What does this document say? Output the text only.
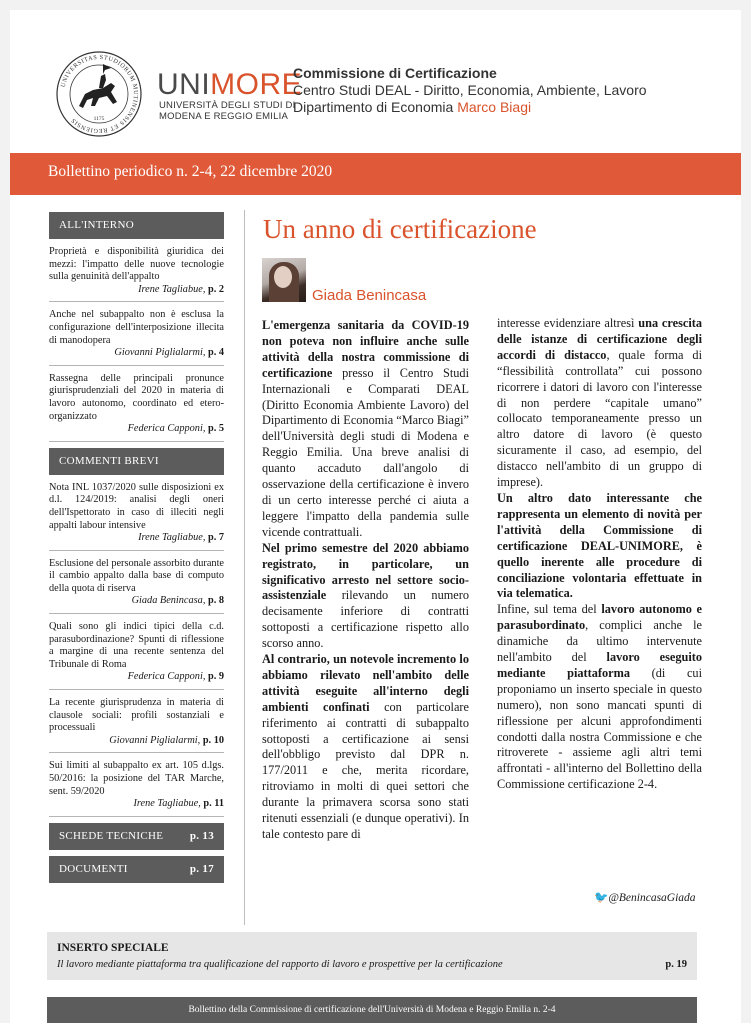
UNIVERSITAS STUDIORUM MUTINENSIS ET REGIENSIS	1175
UNIMORE
UNIVERSITÀ DEGLI STUDI DI
MODENA E REGGIO EMILIA
Commissione di Certificazione
Centro Studi DEAL - Diritto, Economia, Ambiente, Lavoro
Dipartimento di Economia Marco Biagi
Bollettino periodico n. 2-4, 22 dicembre 2020
ALL'INTERNO
Proprietà e disponibilità giuridica dei mezzi: l'impatto delle nuove tecnologie sulla genuinità dell'appalto
Irene Tagliabue, p. 2
Anche nel subappalto non è esclusa la configurazione dell'interposizione illecita di manodopera
Giovanni Piglialarmi, p. 4
Rassegna delle principali pronunce giurisprudenziali del 2020 in materia di lavoro autonomo, coordinato ed etero-organizzato
Federica Capponi, p. 5
COMMENTI BREVI
Nota INL 1037/2020 sulle disposizioni ex d.l. 124/2019: analisi degli oneri dell'Ispettorato in caso di illeciti negli appalti labour intensive
Irene Tagliabue, p. 7
Esclusione del personale assorbito durante il cambio appalto dalla base di computo della quota di riserva
Giada Benincasa, p. 8
Quali sono gli indici tipici della c.d. parasubordinazione? Spunti di riflessione a margine di una recente sentenza del Tribunale di Roma
Federica Capponi, p. 9
La recente giurisprudenza in materia di clausole sociali: profili sostanziali e processuali
Giovanni Piglialarmi, p. 10
Sui limiti al subappalto ex art. 105 d.lgs. 50/2016: la posizione del TAR Marche, sent. 59/2020
Irene Tagliabue, p. 11
SCHEDE TECNICHE p. 13
DOCUMENTI	p. 17
Un anno di certificazione
Giada Benincasa

L'emergenza sanitaria da COVID-19 non poteva non influire anche sulle attività della nostra commissione di certificazione presso il Centro Studi Internazionali e Comparati DEAL (Diritto Economia Ambiente Lavoro) del Dipartimento di Economia “Marco Biagi” dell'Università degli studi di Modena e Reggio Emilia. Una breve analisi di quanto accaduto dall'angolo di osservazione della certificazione è invero di un certo interesse perché ci aiuta a leggere l'impatto della pandemia sulle vicende contrattuali.

Nel primo semestre del 2020 abbiamo registrato, in particolare, un significativo arresto nel settore socio-assistenziale rilevando un numero decisamente inferiore di contratti sottoposti a certificazione rispetto allo scorso anno.

Al contrario, un notevole incremento lo abbiamo rilevato nell'ambito delle attività eseguite all'interno degli ambienti confinati con particolare riferimento ai contratti di subappalto sottoposti a certificazione ai sensi dell'obbligo previsto dal DPR n. 177/2011 e che, merita ricordare, ritroviamo in molti di quei settori che durante la primavera scorsa sono stati ritenuti essenziali (e dunque operativi). In tale contesto pare di

interesse evidenziare altresì una crescita delle istanze di certificazione degli accordi di distacco, quale forma di “flessibilità controllata” cui possono ricorrere i datori di lavoro con l'interesse di non perdere “capitale umano” collocato temporaneamente presso un altro datore di lavoro (è questo sicuramente il caso, ad esempio, del distacco nell'ambito di un gruppo di imprese).

Un altro dato interessante che rappresenta un elemento di novità per l'attività della Commissione di certificazione DEAL-UNIMORE, è quello inerente alle procedure di conciliazione volontaria effettuate in via telematica.

Infine, sul tema del lavoro autonomo e parasubordinato, complici anche le dinamiche da ultimo intervenute nell'ambito del lavoro eseguito mediante piattaforma (di cui proponiamo un inserto speciale in questo numero), non sono mancati spunti di riflessione per alcuni approfondimenti condotti dalla nostra Commissione e che ritroverete - assieme agli altri temi affrontati - all'interno del Bollettino della Commissione certificazione 2-4.

🐦@BenincasaGiada
INSERTO SPECIALE
Il lavoro mediante piattaforma tra qualificazione del rapporto di lavoro e prospettive per la certificazione	p. 19
Bollettino della Commissione di certificazione dell'Università di Modena e Reggio Emilia n. 2-4
